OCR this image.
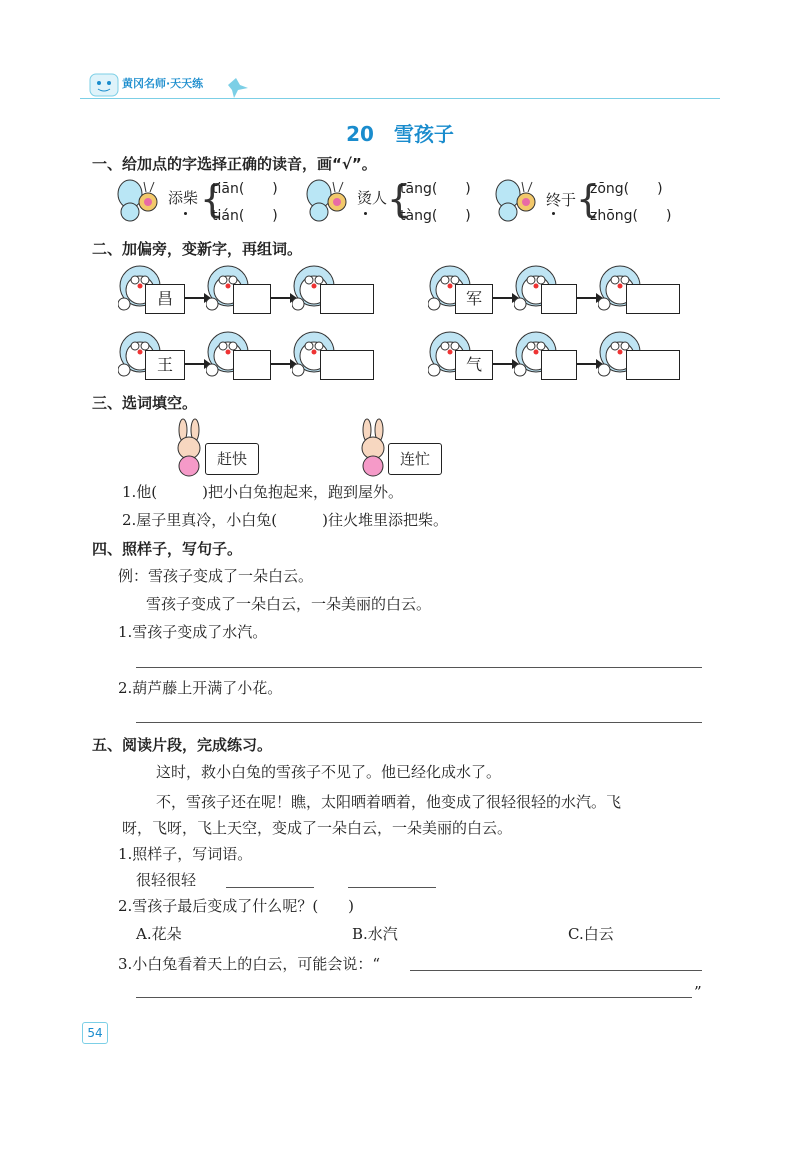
黄冈名师·天天练
20　雪孩子
一、给加点的字选择正确的读音，画“√”。
添柴 {
tiān(　　)
tián(　　)
烫人 {
tāng(　　)
tàng(　　)
终于 {
zōng(　　)
zhōng(　　)
二、加偏旁，变新字，再组词。
昌	军
王	气
三、选词填空。
赶快	连忙
1.他(　　　)把小白兔抱起来，跑到屋外。
2.屋子里真冷，小白兔(　　　)往火堆里添把柴。
四、照样子，写句子。
例：雪孩子变成了一朵白云。
雪孩子变成了一朵白云，一朵美丽的白云。
1.雪孩子变成了水汽。
2.葫芦藤上开满了小花。
五、阅读片段，完成练习。
这时，救小白兔的雪孩子不见了。他已经化成水了。
不，雪孩子还在呢！瞧，太阳晒着晒着，他变成了很轻很轻的水汽。飞
呀，飞呀，飞上天空，变成了一朵白云，一朵美丽的白云。
1.照样子，写词语。
很轻很轻
2.雪孩子最后变成了什么呢？(　　)
A.花朵	B.水汽	C.白云
3.小白兔看着天上的白云，可能会说：“
”
54
